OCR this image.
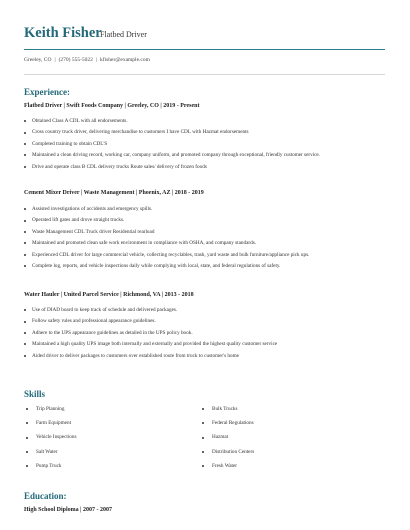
Keith Fisher
Flatbed Driver
Greeley, CO | (270) 555-5022 | kfisher@example.com
Experience:
Flatbed Driver | Swift Foods Company | Greeley, CO | 2019 - Present
Obtained Class A CDL with all endorsements.
Cross country truck driver, delivering merchandise to customers I have CDL with Hazmat endorsements
Completed training to obtain CDL'S
Maintained a clean driving record, working car, company uniform, and promoted company through exceptional, friendly customer service.
Drive and operate class B CDL delivery trucks Route sales/ delivery of frozen foods
Cement Mixer Driver | Waste Management | Phoenix, AZ | 2018 - 2019
Assisted investigations of accidents and emergency spills.
Operated lift gates and drove straight trucks.
Waste Management CDL Truck driver Residential rearload
Maintained and promoted clean safe work environment in compliance with OSHA, and company standards.
Experienced CDL driver for large commercial vehicle, collecting recyclables, trash, yard waste and bulk furniture/appliance pick ups.
Complete log, reports, and vehicle inspections daily while complying with local, state, and federal regulations of safety.
Water Hauler | United Parcel Service | Richmond, VA | 2013 - 2018
Use of DIAD board to keep track of schedule and delivered packages.
Follow safety rules and professional appearance guidelines.
Adhere to the UPS appearance guidelines as detailed in the UPS policy book.
Maintained a high quality UPS image both internally and externally and provided the highest quality customer service
Aided driver to deliver packages to customers over established route from truck to customer's home
Skills
Trip Planning
Farm Equipment
Vehicle Inspections
Salt Water
Pump Truck
Bulk Trucks
Federal Regulations
Hazmat
Distribution Centers
Fresh Water
Education:
High School Diploma | 2007 - 2007
